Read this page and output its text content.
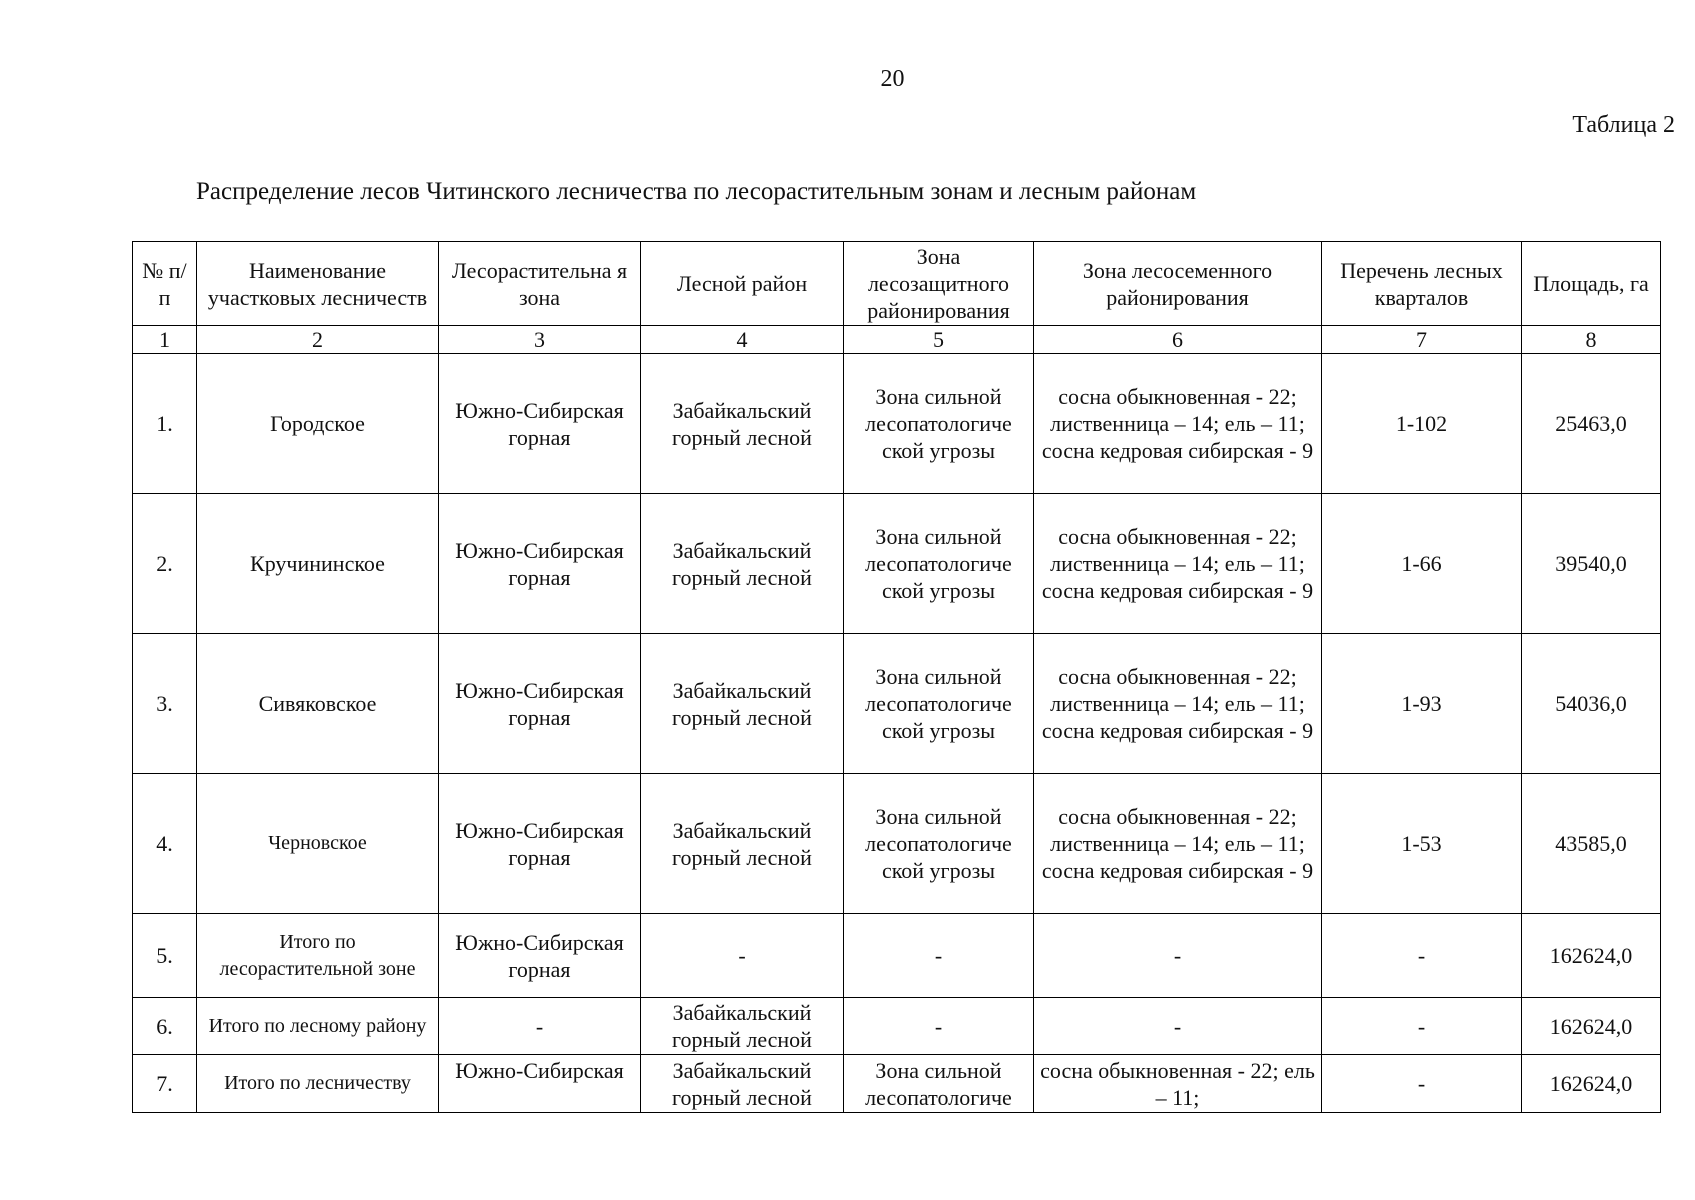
20
Таблица 2
Распределение лесов Читинского лесничества по лесорастительным зонам и лесным районам
№ п/п	Наименование участковых лесничеств	Лесорастительна я зона	Лесной район	Зона лесозащитного районирования	Зона лесосеменного районирования	Перечень лесных кварталов	Площадь, га
1	2	3	4	5	6	7	8
1.	Городское	Южно-Сибирская горная	Забайкальский горный лесной	Зона сильной лесопатологиче ской угрозы	сосна обыкновенная - 22; лиственница – 14; ель – 11; сосна кедровая сибирская - 9	1-102	25463,0
2.	Кручининское	Южно-Сибирская горная	Забайкальский горный лесной	Зона сильной лесопатологиче ской угрозы	сосна обыкновенная - 22; лиственница – 14; ель – 11; сосна кедровая сибирская - 9	1-66	39540,0
3.	Сивяковское	Южно-Сибирская горная	Забайкальский горный лесной	Зона сильной лесопатологиче ской угрозы	сосна обыкновенная - 22; лиственница – 14; ель – 11; сосна кедровая сибирская - 9	1-93	54036,0
4.	Черновское	Южно-Сибирская горная	Забайкальский горный лесной	Зона сильной лесопатологиче ской угрозы	сосна обыкновенная - 22; лиственница – 14; ель – 11; сосна кедровая сибирская - 9	1-53	43585,0
5.	Итого по лесорастительной зоне	Южно-Сибирская горная	-	-	-	-	162624,0
6.	Итого по лесному району	-	Забайкальский горный лесной	-	-	-	162624,0
7.	Итого по лесничеству	Южно-Сибирская	Забайкальский горный лесной	Зона сильной лесопатологиче	сосна обыкновенная - 22; ель – 11;	-	162624,0
